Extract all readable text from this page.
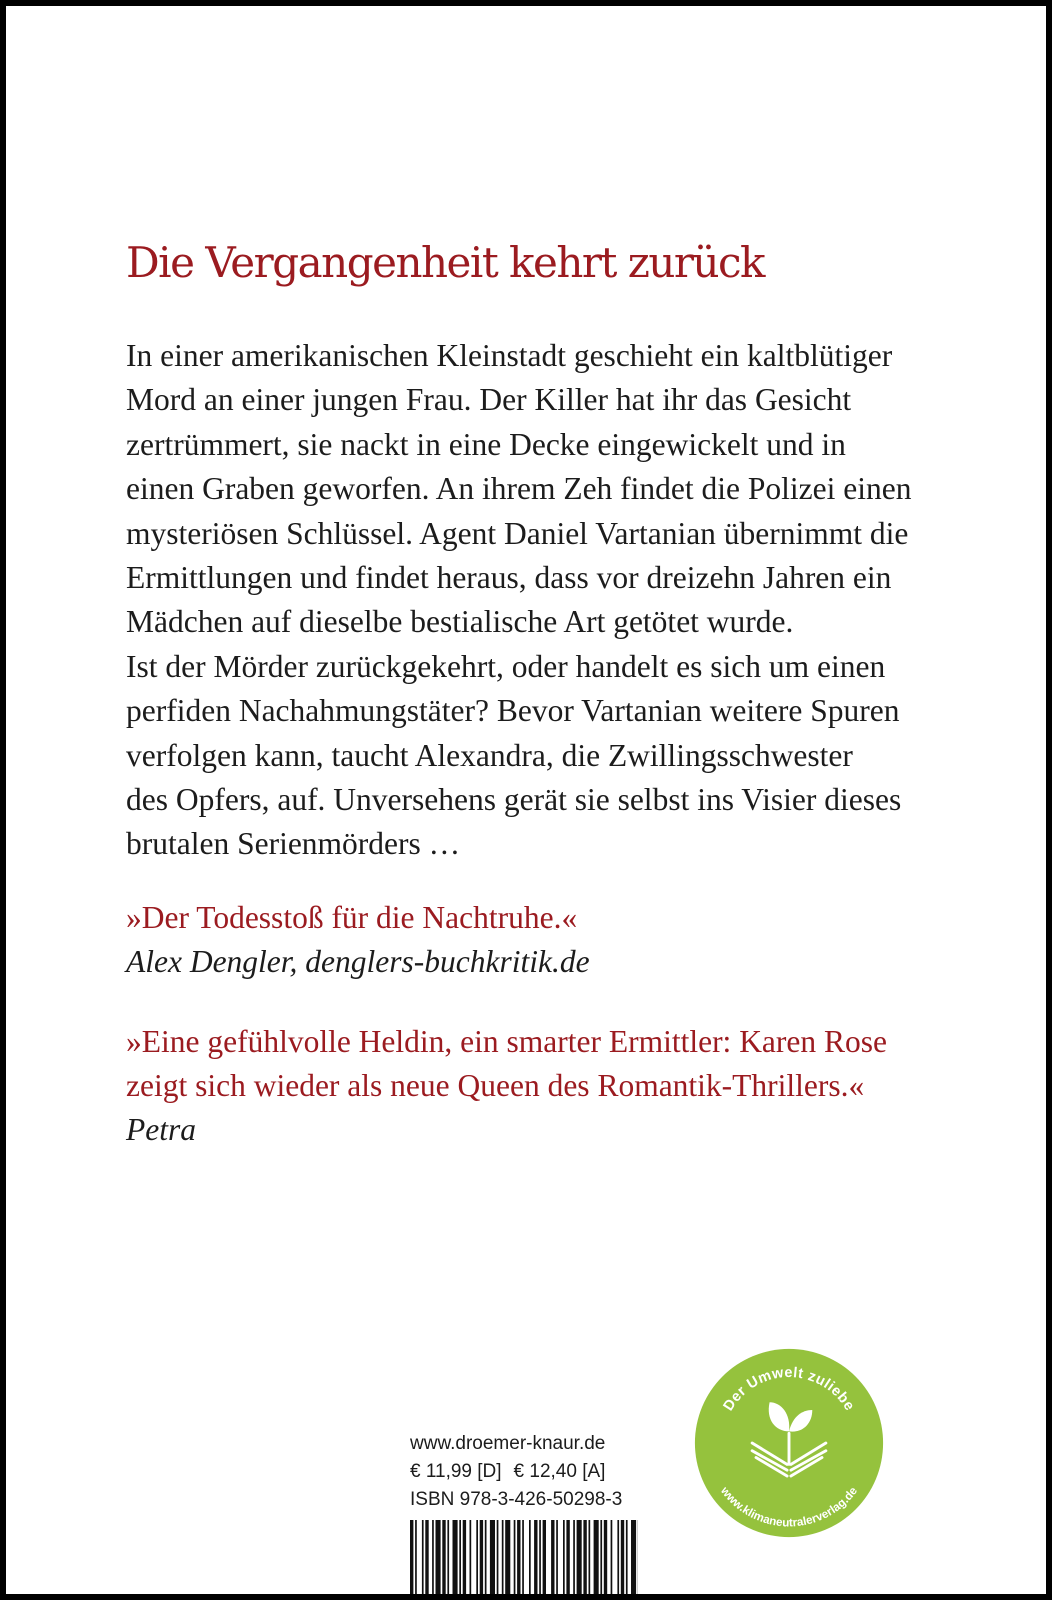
Die Vergangenheit kehrt zurück
In einer amerikanischen Kleinstadt geschieht ein kaltblütiger
Mord an einer jungen Frau. Der Killer hat ihr das Gesicht
zertrümmert, sie nackt in eine Decke eingewickelt und in
einen Graben geworfen. An ihrem Zeh findet die Polizei einen
mysteriösen Schlüssel. Agent Daniel Vartanian übernimmt die
Ermittlungen und findet heraus, dass vor dreizehn Jahren ein
Mädchen auf dieselbe bestialische Art getötet wurde.
Ist der Mörder zurückgekehrt, oder handelt es sich um einen
perfiden Nachahmungstäter? Bevor Vartanian weitere Spuren
verfolgen kann, taucht Alexandra, die Zwillingsschwester
des Opfers, auf. Unversehens gerät sie selbst ins Visier dieses
brutalen Serienmörders …
»Der Todesstoß für die Nachtruhe.«
Alex Dengler, denglers-buchkritik.de
»Eine gefühlvolle Heldin, ein smarter Ermittler: Karen Rose
zeigt sich wieder als neue Queen des Romantik-Thrillers.«
Petra
www.droemer-knaur.de
€ 11,99 [D] € 12,40 [A]
ISBN 978-3-426-50298-3
Der Umwelt zuliebe
www.klimaneutralerverlag.de
